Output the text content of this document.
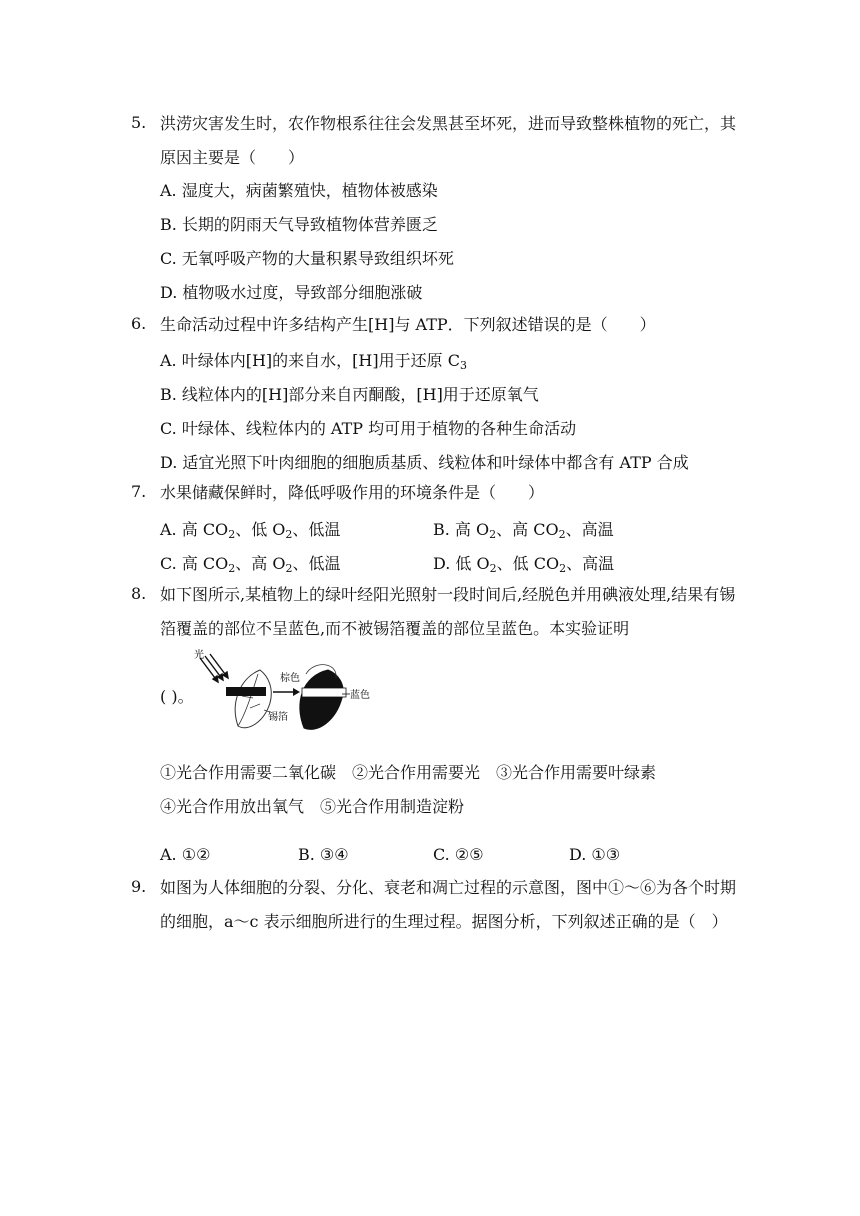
5. 洪涝灾害发生时，农作物根系往往会发黑甚至坏死，进而导致整株植物的死亡，其原因主要是（　　）
A. 湿度大，病菌繁殖快，植物体被感染
B. 长期的阴雨天气导致植物体营养匮乏
C. 无氧呼吸产物的大量积累导致组织坏死
D. 植物吸水过度，导致部分细胞涨破
6. 生命活动过程中许多结构产生[H]与 ATP．下列叙述错误的是（　　）
A. 叶绿体内[H]的来自水，[H]用于还原 $C_3$
B. 线粒体内的[H]部分来自丙酮酸，[H]用于还原氧气
C. 叶绿体、线粒体内的 ATP 均可用于植物的各种生命活动
D. 适宜光照下叶肉细胞的细胞质基质、线粒体和叶绿体中都含有 ATP 合成
7. 水果储藏保鲜时，降低呼吸作用的环境条件是（　　）
A. 高 $CO_2$、低 $O_2$、低温	B. 高 $O_2$、高 $CO_2$、高温
C. 高 $CO_2$、高 $O_2$、低温	D. 低 $O_2$、低 $CO_2$、高温
8. 如下图所示,某植物上的绿叶经阳光照射一段时间后,经脱色并用碘液处理,结果有锡箔覆盖的部位不呈蓝色,而不被锡箔覆盖的部位呈蓝色。本实验证明
( )。
光
锡箔
棕色
蓝色
①光合作用需要二氧化碳　②光合作用需要光　③光合作用需要叶绿素
④光合作用放出氧气　⑤光合作用制造淀粉
A. ①②	B. ③④	C. ②⑤	D. ①③
9. 如图为人体细胞的分裂、分化、衰老和凋亡过程的示意图，图中①～⑥为各个时期的细胞，a～c 表示细胞所进行的生理过程。据图分析，下列叙述正确的是（　）
